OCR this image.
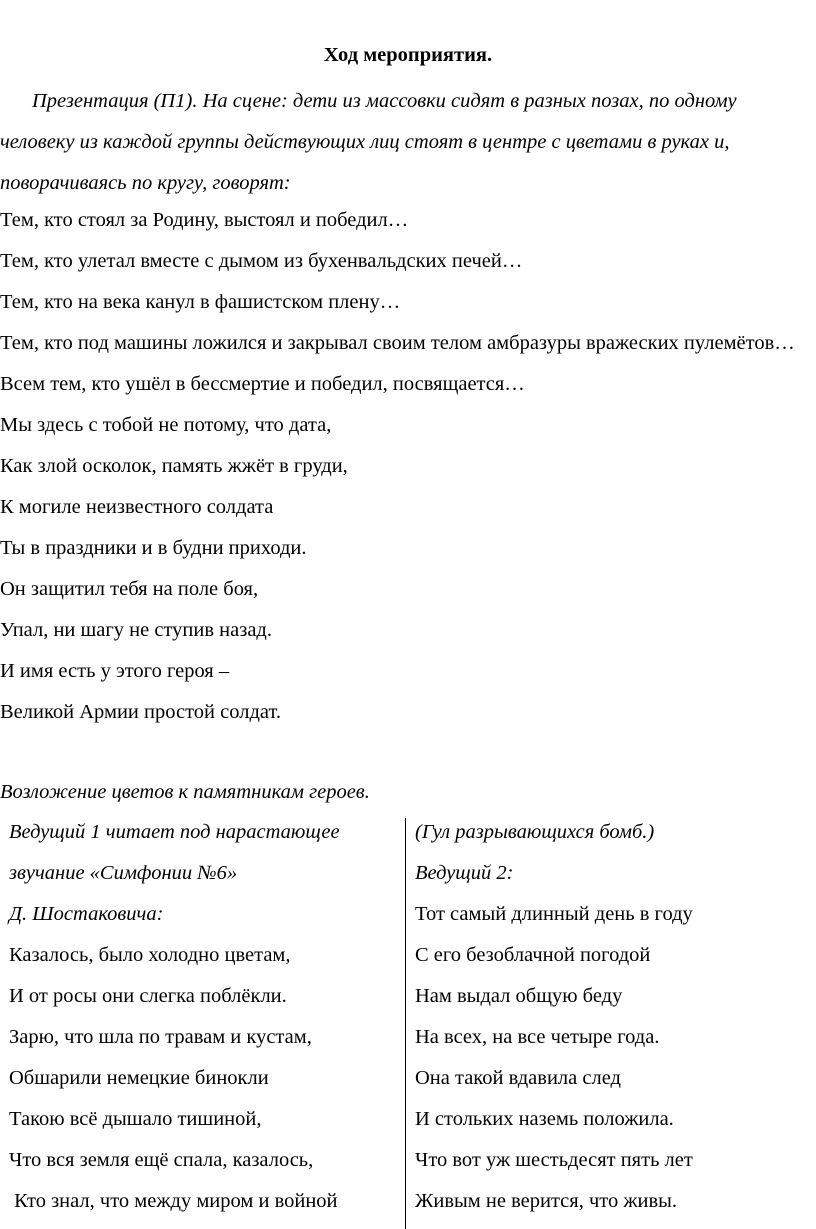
Ход мероприятия.
Презентация (П1). На сцене: дети из массовки сидят в разных позах, по одному человеку из каждой группы действующих лиц стоят в центре с цветами в руках и, поворачиваясь по кругу, говорят:
Тем, кто стоял за Родину, выстоял и победил…
Тем, кто улетал вместе с дымом из бухенвальдских печей…
Тем, кто на века канул в фашистском плену…
Тем, кто под машины ложился и закрывал своим телом амбразуры вражеских пулемётов…
Всем тем, кто ушёл в бессмертие и победил, посвящается…
Мы здесь с тобой не потому, что дата,
Как злой осколок, память жжёт в груди,
К могиле неизвестного солдата
Ты в праздники и в будни приходи.
Он защитил тебя на поле боя,
Упал, ни шагу не ступив назад.
И имя есть у этого героя –
Великой Армии простой солдат.
Возложение цветов к памятникам героев.
Ведущий 1 читает под нарастающее
звучание «Симфонии №6»
Д. Шостаковича:
Казалось, было холодно цветам,
И от росы они слегка поблёкли.
Зарю, что шла по травам и кустам,
Обшарили немецкие бинокли
Такою всё дышало тишиной,
Что вся земля ещё спала, казалось,
Кто знал, что между миром и войной
(Гул разрывающихся бомб.)
Ведущий 2:
Тот самый длинный день в году
С его безоблачной погодой
Нам выдал общую беду
На всех, на все четыре года.
Она такой вдавила след
И стольких наземь положила.
Что вот уж шестьдесят пять лет
Живым не верится, что живы.
